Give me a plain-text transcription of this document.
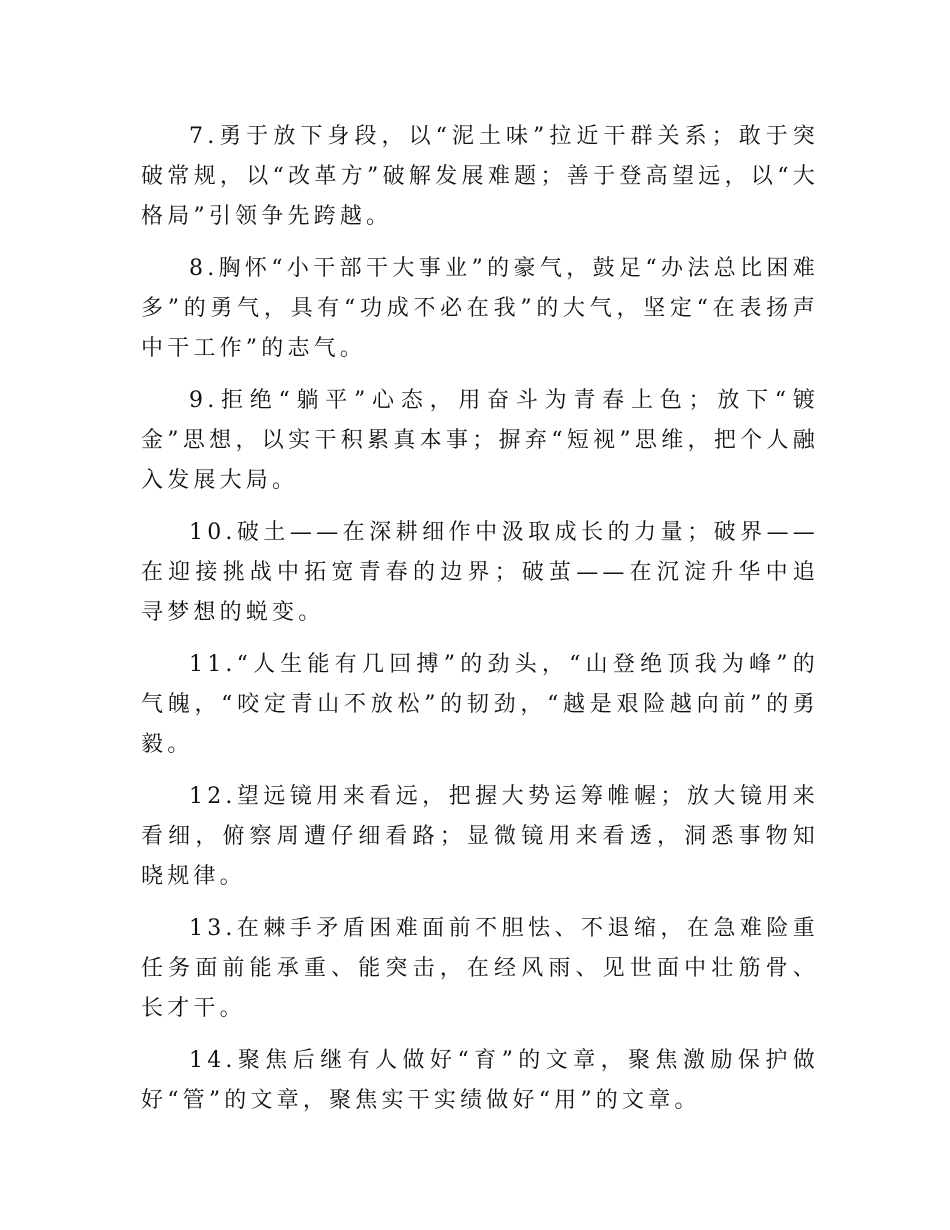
7.勇于放下身段，以“泥土味”拉近干群关系；敢于突破常规，以“改革方”破解发展难题；善于登高望远，以“大格局”引领争先跨越。

8.胸怀“小干部干大事业”的豪气，鼓足“办法总比困难多”的勇气，具有“功成不必在我”的大气，坚定“在表扬声中干工作”的志气。

9.拒绝“躺平”心态，用奋斗为青春上色；放下“镀金”思想，以实干积累真本事；摒弃“短视”思维，把个人融入发展大局。

10.破土——在深耕细作中汲取成长的力量；破界——在迎接挑战中拓宽青春的边界；破茧——在沉淀升华中追寻梦想的蜕变。

11.“人生能有几回搏”的劲头，“山登绝顶我为峰”的气魄，“咬定青山不放松”的韧劲，“越是艰险越向前”的勇毅。

12.望远镜用来看远，把握大势运筹帷幄；放大镜用来看细，俯察周遭仔细看路；显微镜用来看透，洞悉事物知晓规律。

13.在棘手矛盾困难面前不胆怯、不退缩，在急难险重任务面前能承重、能突击，在经风雨、见世面中壮筋骨、长才干。

14.聚焦后继有人做好“育”的文章，聚焦激励保护做好“管”的文章，聚焦实干实绩做好“用”的文章。
